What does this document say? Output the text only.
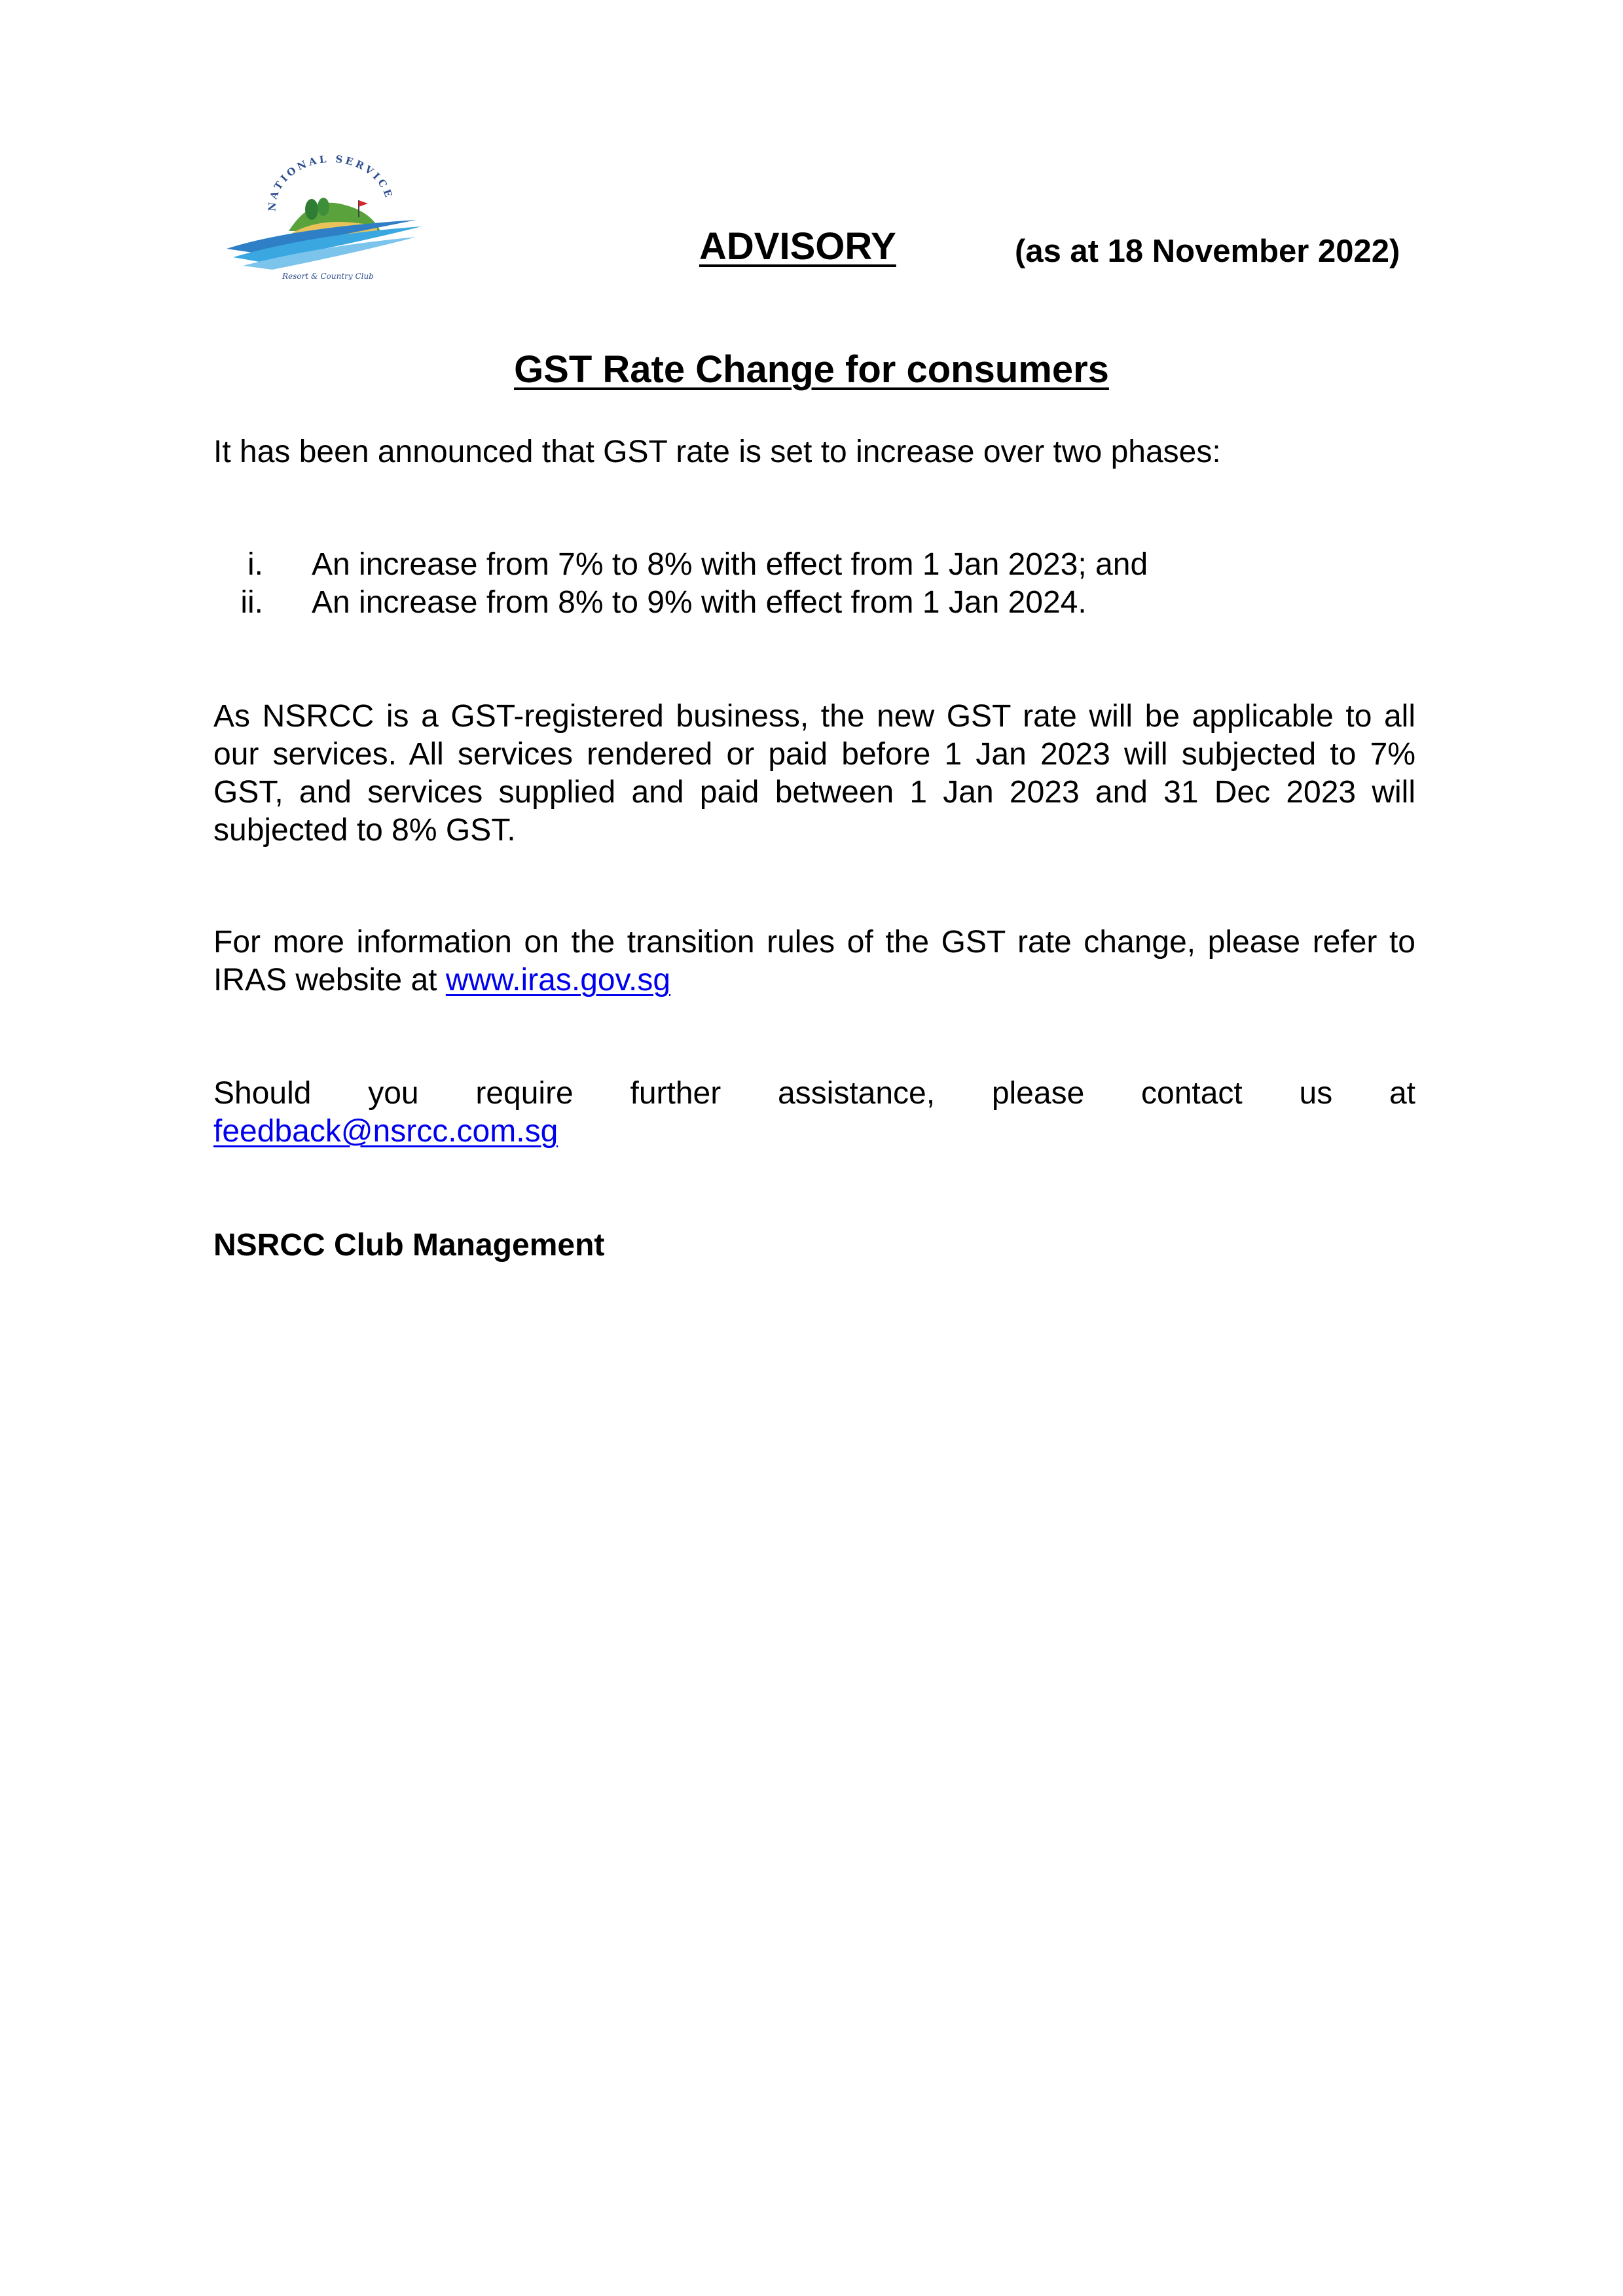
NATIONAL SERVICE
Resort & Country Club
ADVISORY	(as at 18 November 2022)
GST Rate Change for consumers

It has been announced that GST rate is set to increase over two phases:

i. An increase from 7% to 8% with effect from 1 Jan 2023; and
ii. An increase from 8% to 9% with effect from 1 Jan 2024.

As NSRCC is a GST-registered business, the new GST rate will be applicable to all our services. All services rendered or paid before 1 Jan 2023 will subjected to 7% GST, and services supplied and paid between 1 Jan 2023 and 31 Dec 2023 will subjected to 8% GST.

For more information on the transition rules of the GST rate change, please refer to IRAS website at www.iras.gov.sg

Should you require further assistance, please contact us at
feedback@nsrcc.com.sg
NSRCC Club Management
